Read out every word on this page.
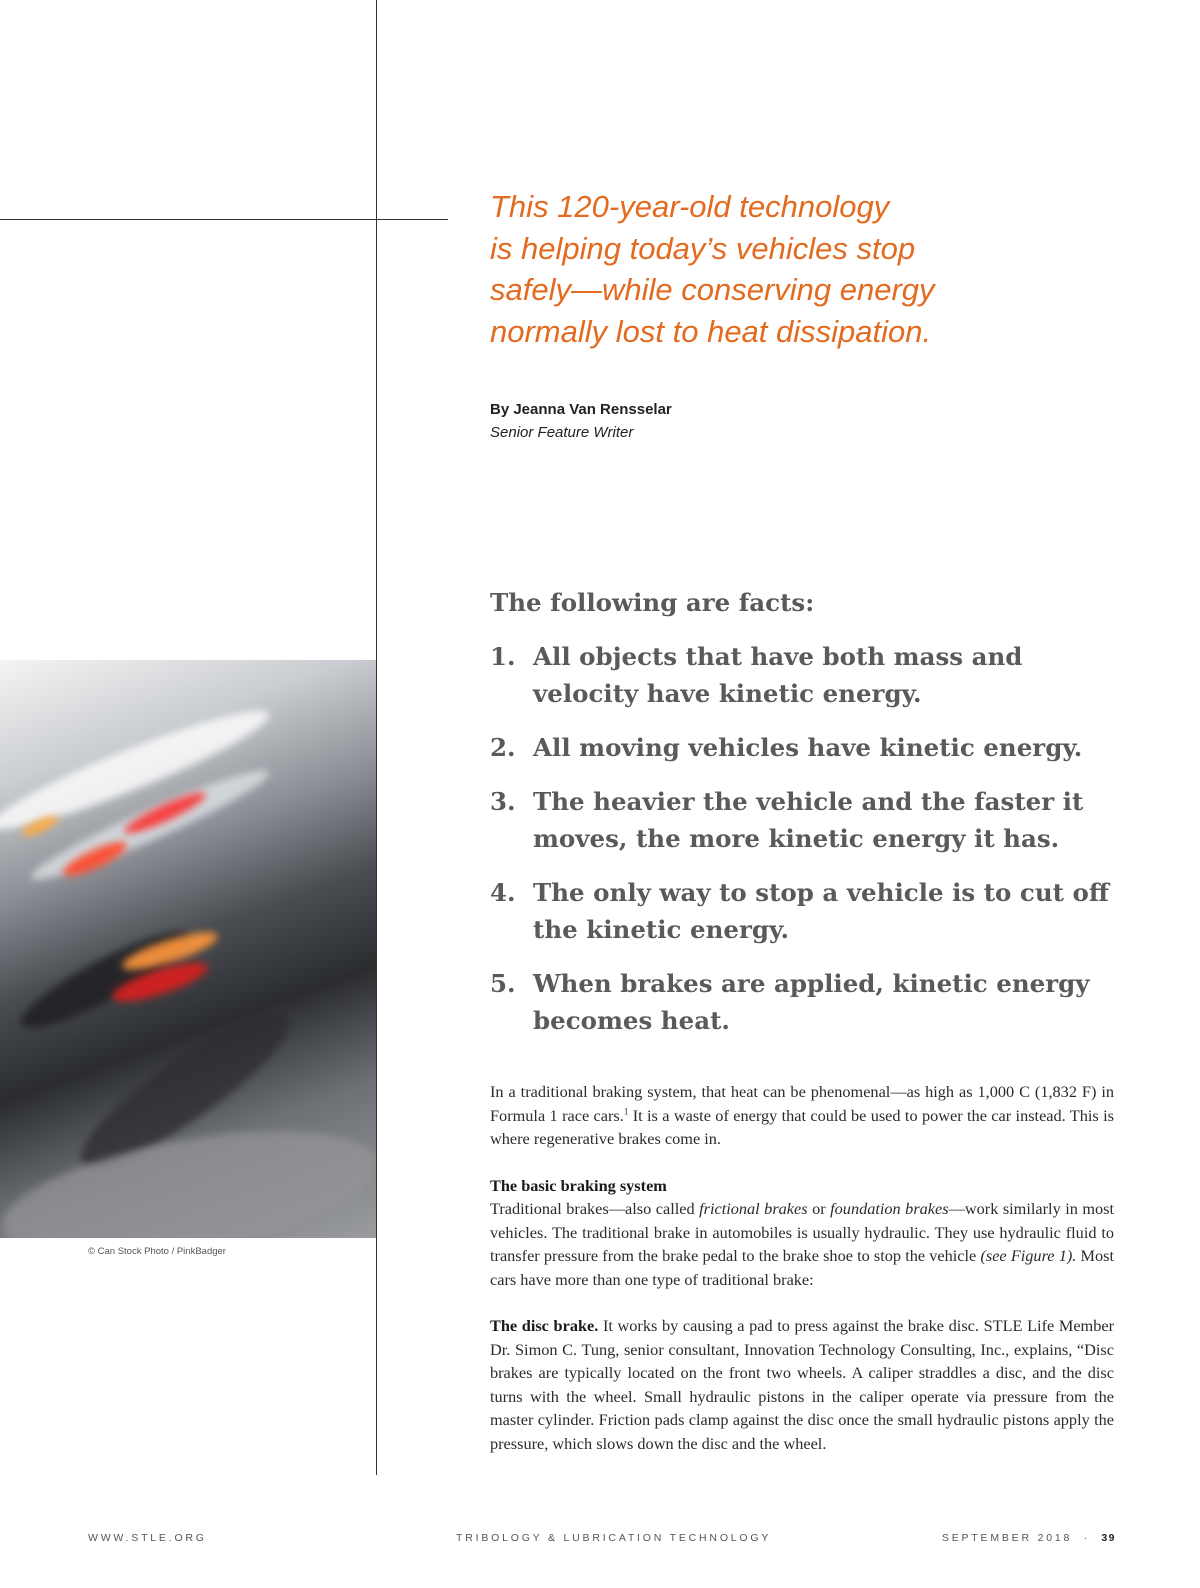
© Can Stock Photo / PinkBadger
This 120-year-old technology
is helping today’s vehicles stop
safely—while conserving energy
normally lost to heat dissipation.
By Jeanna Van Rensselar
Senior Feature Writer

The following are facts:

1. All objects that have both mass and velocity have kinetic energy.
2. All moving vehicles have kinetic energy.
3. The heavier the vehicle and the faster it moves, the more kinetic energy it has.
4. The only way to stop a vehicle is to cut off the kinetic energy.
5. When brakes are applied, kinetic energy becomes heat.

In a traditional braking system, that heat can be phenomenal—as high as 1,000 C (1,832 F) in Formula 1 race cars.$^1$ It is a waste of energy that could be used to power the car instead. This is where regenerative brakes come in.

The basic braking system

Traditional brakes—also called frictional brakes or foundation brakes—work similarly in most vehicles. The traditional brake in automobiles is usually hydraulic. They use hydraulic fluid to transfer pressure from the brake pedal to the brake shoe to stop the vehicle (see Figure 1). Most cars have more than one type of traditional brake:

The disc brake. It works by causing a pad to press against the brake disc. STLE Life Member Dr. Simon C. Tung, senior consultant, Innovation Technology Consulting, Inc., explains, “Disc brakes are typically located on the front two wheels. A caliper straddles a disc, and the disc turns with the wheel. Small hydraulic pistons in the caliper operate via pressure from the master cylinder. Friction pads clamp against the disc once the small hydraulic pistons apply the pressure, which slows down the disc and the wheel.

WWW.STLE.ORG	TRIBOLOGY & LUBRICATION TECHNOLOGY	SEPTEMBER 2018 · 39
